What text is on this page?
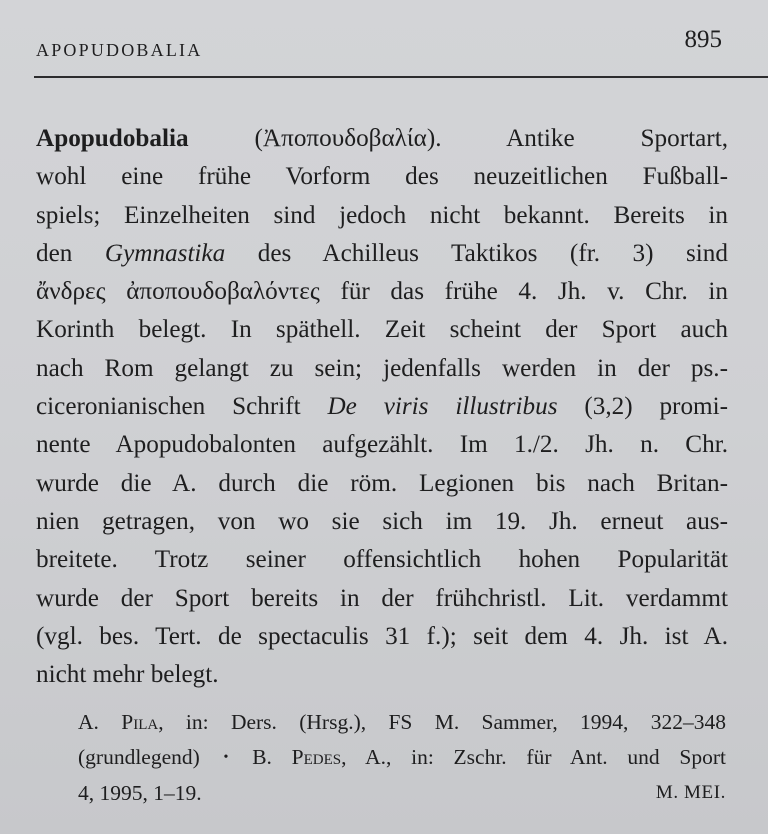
APOPUDOBALIA	895
Apopudobalia	(Ἀποπουδοβαλία). Antike Sportart,
wohl eine frühe Vorform des neuzeitlichen Fußball-
spiels; Einzelheiten sind jedoch nicht bekannt. Bereits in
den Gymnastika des Achilleus Taktikos (fr. 3) sind
ἄνδρες ἀποπουδοβαλόντες für das frühe 4. Jh. v. Chr. in
Korinth belegt. In späthell. Zeit scheint der Sport auch
nach Rom gelangt zu sein; jedenfalls werden in der ps.-
ciceronianischen Schrift De viris illustribus (3,2) promi-
nente Apopudobalonten aufgezählt. Im 1./2. Jh. n. Chr.
wurde die A. durch die röm. Legionen bis nach Britan-
nien getragen, von wo sie sich im 19. Jh. erneut aus-
breitete. Trotz seiner offensichtlich hohen Popularität
wurde der Sport bereits in der frühchristl. Lit. verdammt
(vgl. bes. Tert. de spectaculis 31 f.); seit dem 4. Jh. ist A.
nicht mehr belegt.
A. Pila, in: Ders. (Hrsg.), FS M. Sammer, 1994, 322–348
(grundlegend) • B. Pedes, A., in: Zschr. für Ant. und Sport
4, 1995, 1–19.	M. MEI.
